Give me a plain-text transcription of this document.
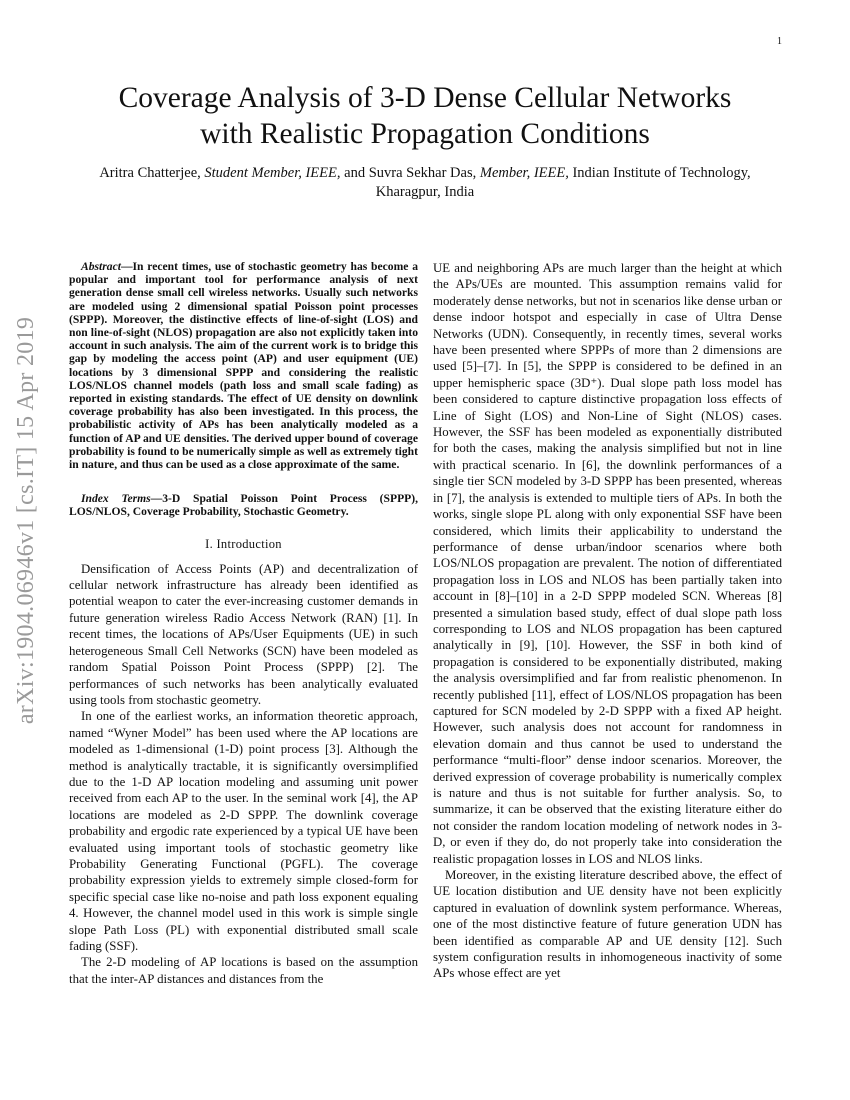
1
arXiv:1904.06946v1 [cs.IT] 15 Apr 2019
Coverage Analysis of 3-D Dense Cellular Networks
with Realistic Propagation Conditions
Aritra Chatterjee, Student Member, IEEE, and Suvra Sekhar Das, Member, IEEE, Indian Institute of Technology, Kharagpur, India

Abstract—In recent times, use of stochastic geometry has become a popular and important tool for performance analysis of next generation dense small cell wireless networks. Usually such networks are modeled using 2 dimensional spatial Poisson point processes (SPPP). Moreover, the distinctive effects of line-of-sight (LOS) and non line-of-sight (NLOS) propagation are also not explicitly taken into account in such analysis. The aim of the current work is to bridge this gap by modeling the access point (AP) and user equipment (UE) locations by 3 dimensional SPPP and considering the realistic LOS/NLOS channel models (path loss and small scale fading) as reported in existing standards. The effect of UE density on downlink coverage probability has also been investigated. In this process, the probabilistic activity of APs has been analytically modeled as a function of AP and UE densities. The derived upper bound of coverage probability is found to be numerically simple as well as extremely tight in nature, and thus can be used as a close approximate of the same.

Index Terms—3-D Spatial Poisson Point Process (SPPP), LOS/NLOS, Coverage Probability, Stochastic Geometry.

I. Introduction

Densification of Access Points (AP) and decentralization of cellular network infrastructure has already been identified as potential weapon to cater the ever-increasing customer demands in future generation wireless Radio Access Network (RAN) [1]. In recent times, the locations of APs/User Equipments (UE) in such heterogeneous Small Cell Networks (SCN) have been modeled as random Spatial Poisson Point Process (SPPP) [2]. The performances of such networks has been analytically evaluated using tools from stochastic geometry.

In one of the earliest works, an information theoretic approach, named “Wyner Model” has been used where the AP locations are modeled as 1-dimensional (1-D) point process [3]. Although the method is analytically tractable, it is significantly oversimplified due to the 1-D AP location modeling and assuming unit power received from each AP to the user. In the seminal work [4], the AP locations are modeled as 2-D SPPP. The downlink coverage probability and ergodic rate experienced by a typical UE have been evaluated using important tools of stochastic geometry like Probability Generating Functional (PGFL). The coverage probability expression yields to extremely simple closed-form for specific special case like no-noise and path loss exponent equaling 4. However, the channel model used in this work is simple single slope Path Loss (PL) with exponential distributed small scale fading (SSF).

The 2-D modeling of AP locations is based on the assumption that the inter-AP distances and distances from the

UE and neighboring APs are much larger than the height at which the APs/UEs are mounted. This assumption remains valid for moderately dense networks, but not in scenarios like dense urban or dense indoor hotspot and especially in case of Ultra Dense Networks (UDN). Consequently, in recently times, several works have been presented where SPPPs of more than 2 dimensions are used [5]–[7]. In [5], the SPPP is considered to be defined in an upper hemispheric space (3D⁺). Dual slope path loss model has been considered to capture distinctive propagation loss effects of Line of Sight (LOS) and Non-Line of Sight (NLOS) cases. However, the SSF has been modeled as exponentially distributed for both the cases, making the analysis simplified but not in line with practical scenario. In [6], the downlink performances of a single tier SCN modeled by 3-D SPPP has been presented, whereas in [7], the analysis is extended to multiple tiers of APs. In both the works, single slope PL along with only exponential SSF have been considered, which limits their applicability to understand the performance of dense urban/indoor scenarios where both LOS/NLOS propagation are prevalent. The notion of differentiated propagation loss in LOS and NLOS has been partially taken into account in [8]–[10] in a 2-D SPPP modeled SCN. Whereas [8] presented a simulation based study, effect of dual slope path loss corresponding to LOS and NLOS propagation has been captured analytically in [9], [10]. However, the SSF in both kind of propagation is considered to be exponentially distributed, making the analysis oversimplified and far from realistic phenomenon. In recently published [11], effect of LOS/NLOS propagation has been captured for SCN modeled by 2-D SPPP with a fixed AP height. However, such analysis does not account for randomness in elevation domain and thus cannot be used to understand the performance “multi-floor” dense indoor scenarios. Moreover, the derived expression of coverage probability is numerically complex is nature and thus is not suitable for further analysis. So, to summarize, it can be observed that the existing literature either do not consider the random location modeling of network nodes in 3-D, or even if they do, do not properly take into consideration the realistic propagation losses in LOS and NLOS links.

Moreover, in the existing literature described above, the effect of UE location distibution and UE density have not been explicitly captured in evaluation of downlink system performance. Whereas, one of the most distinctive feature of future generation UDN has been identified as comparable AP and UE density [12]. Such system configuration results in inhomogeneous inactivity of some APs whose effect are yet
